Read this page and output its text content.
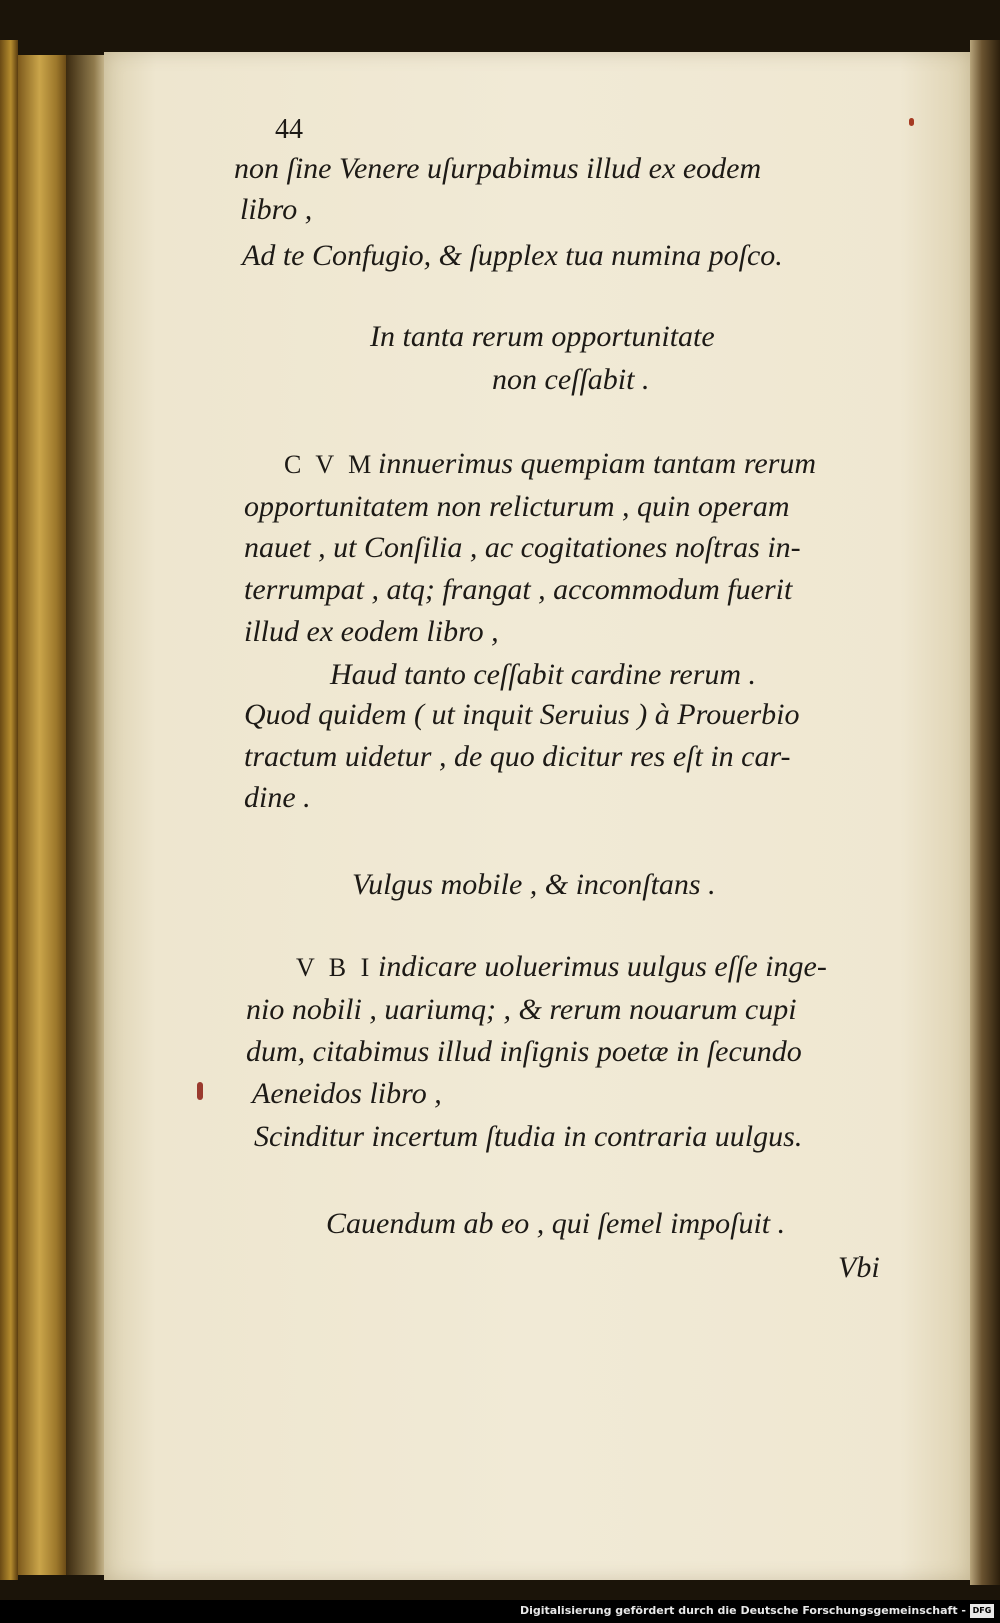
44
non ſine Venere uſurpabimus illud ex eodem
libro ,
Ad te Confugio, & ſupplex tua numina poſco.
In tanta rerum opportunitate
non ceſſabit .
C V M innuerimus quempiam tantam rerum
opportunitatem non relicturum , quin operam
nauet , ut Conſilia , ac cogitationes noſtras in-
terrumpat , atq; frangat , accommodum fuerit
illud ex eodem libro ,
Haud tanto ceſſabit cardine rerum .
Quod quidem ( ut inquit Seruius ) à Prouerbio
tractum uidetur , de quo dicitur res eſt in car-
dine .
Vulgus mobile , & inconſtans .
V B I indicare uoluerimus uulgus eſſe inge-
nio nobili , uariumq; , & rerum nouarum cupi
dum, citabimus illud inſignis poetæ in ſecundo
Aeneidos libro ,
Scinditur incertum ſtudia in contraria uulgus.
Cauendum ab eo , qui ſemel impoſuit .
Vbi
Digitalisierung gefördert durch die Deutsche Forschungsgemeinschaft - DFG
